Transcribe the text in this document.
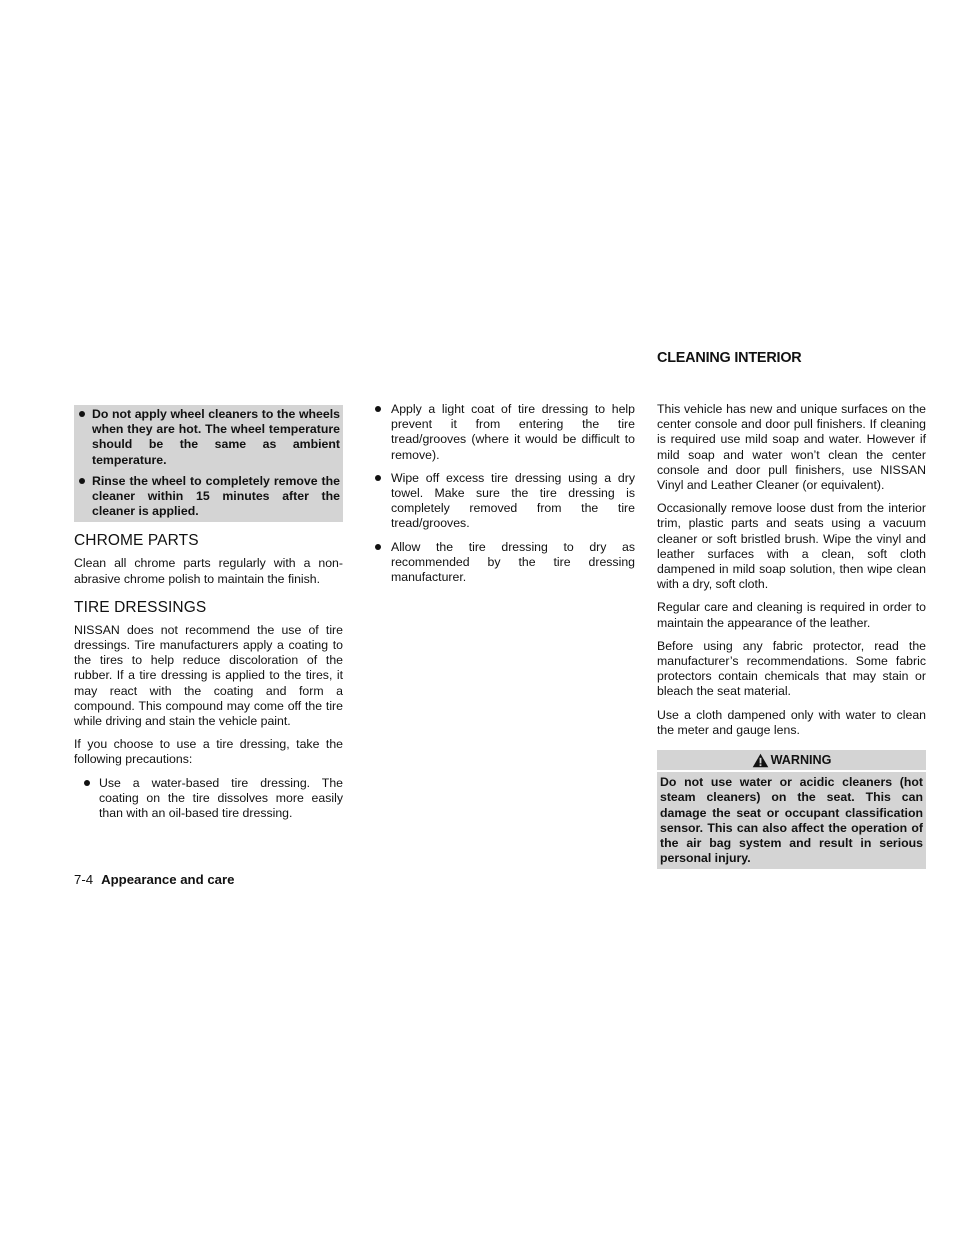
CLEANING INTERIOR
Do not apply wheel cleaners to the wheels when they are hot. The wheel temperature should be the same as ambient temperature.
Rinse the wheel to completely remove the cleaner within 15 minutes after the cleaner is applied.
CHROME PARTS

Clean all chrome parts regularly with a non-abrasive chrome polish to maintain the finish.

TIRE DRESSINGS

NISSAN does not recommend the use of tire dressings. Tire manufacturers apply a coating to the tires to help reduce discoloration of the rubber. If a tire dressing is applied to the tires, it may react with the coating and form a compound. This compound may come off the tire while driving and stain the vehicle paint.

If you choose to use a tire dressing, take the following precautions:

Use a water-based tire dressing. The coating on the tire dissolves more easily than with an oil-based tire dressing.
Apply a light coat of tire dressing to help prevent it from entering the tire tread/grooves (where it would be difficult to remove).
Wipe off excess tire dressing using a dry towel. Make sure the tire dressing is completely removed from the tire tread/grooves.
Allow the tire dressing to dry as recommended by the tire dressing manufacturer.

This vehicle has new and unique surfaces on the center console and door pull finishers. If cleaning is required use mild soap and water. However if mild soap and water won’t clean the center console and door pull finishers, use NISSAN Vinyl and Leather Cleaner (or equivalent).

Occasionally remove loose dust from the interior trim, plastic parts and seats using a vacuum cleaner or soft bristled brush. Wipe the vinyl and leather surfaces with a clean, soft cloth dampened in mild soap solution, then wipe clean with a dry, soft cloth.

Regular care and cleaning is required in order to maintain the appearance of the leather.

Before using any fabric protector, read the manufacturer’s recommendations. Some fabric protectors contain chemicals that may stain or bleach the seat material.

Use a cloth dampened only with water to clean the meter and gauge lens.

WARNING
Do not use water or acidic cleaners (hot steam cleaners) on the seat. This can damage the seat or occupant classification sensor. This can also affect the operation of the air bag system and result in serious personal injury.
7-4 Appearance and care
